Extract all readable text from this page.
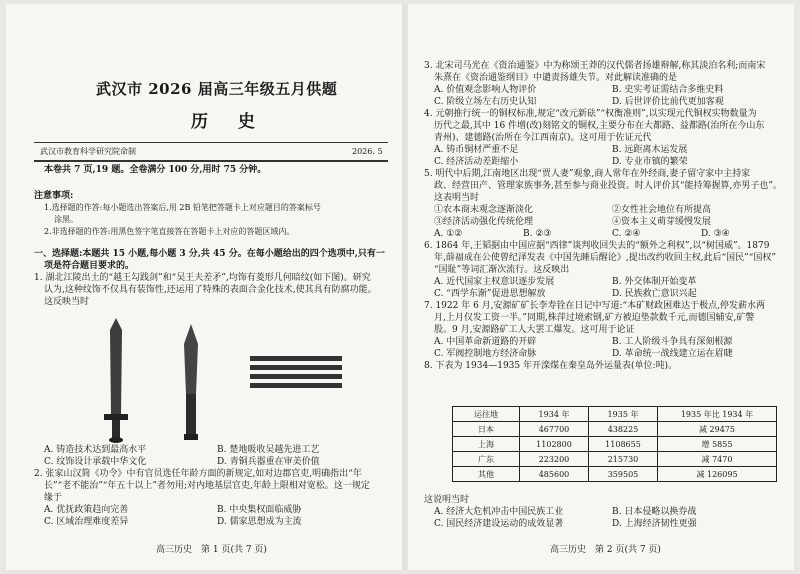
武汉市 2026 届高三年级五月供题
历 史
武汉市教育科学研究院命制	2026. 5
本卷共 7 页,19 题。全卷满分 100 分,用时 75 分钟。
注意事项:
1.选择题的作答:每小题选出答案后,用 2B 铅笔把答题卡上对应题目的答案标号
涂黑。
2.非选择题的作答:用黑色签字笔直接答在答题卡上对应的答题区域内。
一、选择题:本题共 15 小题,每小题 3 分,共 45 分。在每小题给出的四个选项中,只有一
项是符合题目要求的。
1. 湖北江陵出土的“越王勾践剑”和“吴王夫差矛”,均饰有菱形几何暗纹(如下图)。研究
认为,这种纹饰不仅具有装饰性,还运用了特殊的表面合金化技术,使其具有防腐功能。
这反映当时
A. 铸造技术达到最高水平	B. 楚地吸收吴越先进工艺
C. 纹饰设计承载中华文化	D. 青铜兵器重在审美价值
2. 张家山汉简《功令》中有官员选任年龄方面的新规定,如对边郡官吏,明确指出“年
长”“老不能治”“年五十以上”者勿用;对内地基层官吏,年龄上限相对宽松。这一规定
缘于
A. 优抚政策趋向完善	B. 中央集权面临威胁
C. 区域治理难度差异	D. 儒家思想成为主流
高三历史　第 1 页(共 7 页)
3. 北宋司马光在《资治通鉴》中为称颂王莽的汉代儒者扬雄辩解,称其淡泊名利;而南宋
朱熹在《资治通鉴纲目》中谴责扬雄失节。对此解读准确的是
A. 价值观念影响人物评价	B. 史实考证需结合多维史料
C. 阶级立场左右历史认知	D. 后世评价比前代更加客观
4. 元朝推行统一的铜权标准,规定“改元新砝”“权衡准则”,以实现元代铜权实物数量为
历代之最,其中 16 件增(改)刻铭文的铜权,主要分布在大都路、益都路(治所在今山东
青州)、建德路(治所在今江西南京)。这可用于佐证元代
A. 铸币铜材严重不足	B. 远距离木运发展
C. 经济活动差距缩小	D. 专业市镇的繁荣
5. 明代中后期,江南地区出现“贾人妻”观象,商人常年在外经商,妻子留守家中主持家
政、经营田产、管理家族事务,甚至参与商业投资。时人评价其“能持筹握算,亦男子也”。这表明当时
①农本商末观念逐渐淡化	②女性社会地位有所提高
③经济活动强化传统伦理	④资本主义萌芽缓慢发展
A. ①②	B. ②③	C. ②④	D. ③④
6. 1864 年,王韬据由中国应据“西律”谈判收回失去的“额外之利权”,以“树国威”。1879
年,薛福成在公使曾纪泽发表《中国先睡后醒论》,提出改约收回主权,此后“国民”“国权”
“国耻”等词汇渐次流行。这反映出
A. 近代国家主权意识逐步发展	B. 外交体制开始变革
C. “西学东渐”促进思想解放	D. 民族救亡意识兴起
7. 1922 年 6 月,安源矿矿长李寿铨在日记中写道:“本矿财政困难达于极点,停发薪水两
月,上月仅发工资一半。”同期,株萍过境索钢,矿方被迫垫款数千元,而德国辅安,矿警
股。9 月,安源路矿工人大罢工爆发。这可用于论证
A. 中国革命新道路的开辟	B. 工人阶级斗争具有深刻根源
C. 军阀控制地方经济命脉	D. 革命统一战线建立运在眉睫
8. 下表为 1934—1935 年开滦煤在秦皇岛外运量表(单位:吨)。
运往地	1934 年	1935 年	1935 年比 1934 年
日本	467700	438225	减 29475
上海	1102800	1108655	增 5855
广东	223200	215730	减 7470
其他	485600	359505	减 126095
这说明当时
A. 经济大危机冲击中国民族工业	B. 日本侵略以换券战
C. 国民经济建设运动的成效显著	D. 上海经济韧性更强
高三历史　第 2 页(共 7 页)
